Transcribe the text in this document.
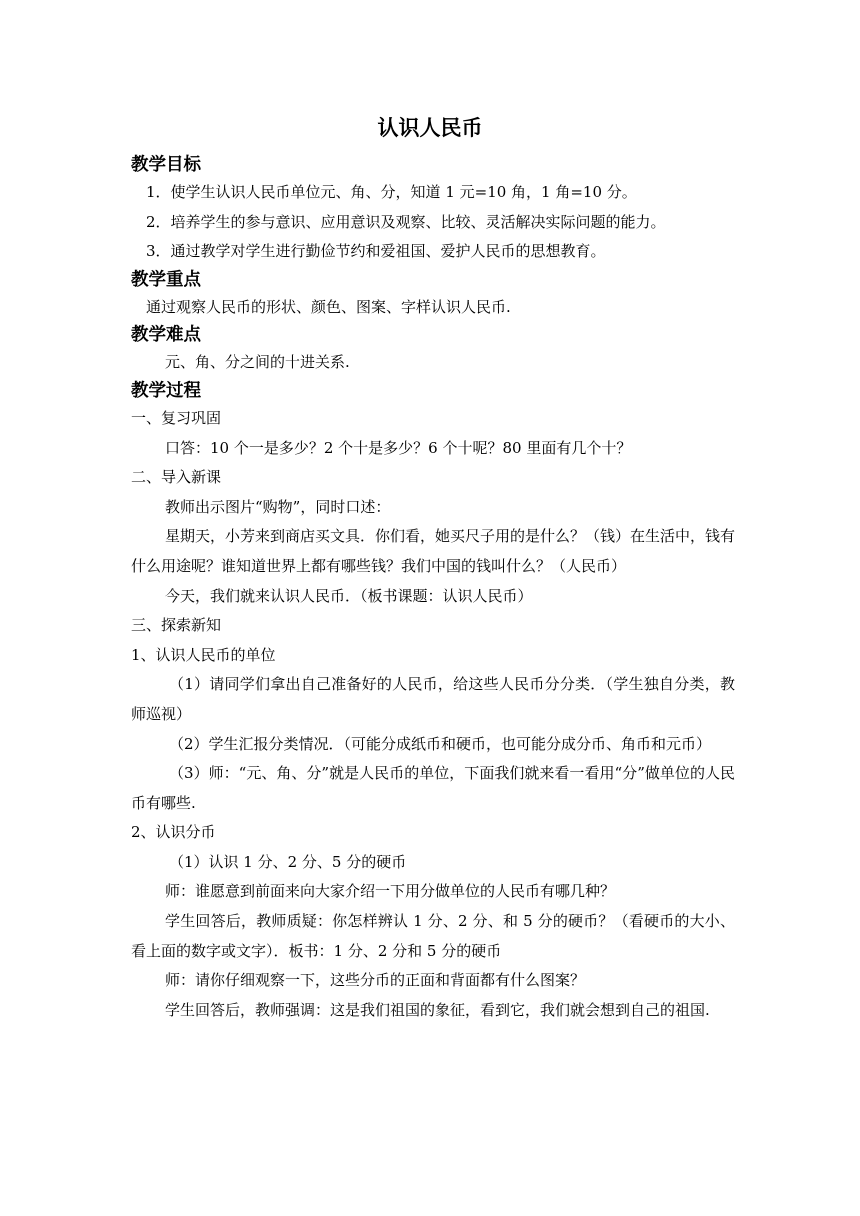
认识人民币
教学目标
1．使学生认识人民币单位元、角、分，知道 1 元=10 角，1 角=10 分。
2．培养学生的参与意识、应用意识及观察、比较、灵活解决实际问题的能力。
3．通过教学对学生进行勤俭节约和爱祖国、爱护人民币的思想教育。
教学重点
通过观察人民币的形状、颜色、图案、字样认识人民币.
教学难点
元、角、分之间的十进关系.
教学过程
一、复习巩固
口答：10 个一是多少？2 个十是多少？6 个十呢？80 里面有几个十？
二、导入新课
教师出示图片“购物”，同时口述：
星期天，小芳来到商店买文具．你们看，她买尺子用的是什么？（钱）在生活中，钱有什么用途呢？谁知道世界上都有哪些钱？我们中国的钱叫什么？（人民币）
今天，我们就来认识人民币．（板书课题：认识人民币）
三、探索新知
1、认识人民币的单位
（1）请同学们拿出自己准备好的人民币，给这些人民币分分类．（学生独自分类，教师巡视）
（2）学生汇报分类情况．（可能分成纸币和硬币，也可能分成分币、角币和元币）
（3）师：“元、角、分”就是人民币的单位，下面我们就来看一看用“分”做单位的人民币有哪些.
2、认识分币
（1）认识 1 分、2 分、5 分的硬币
师：谁愿意到前面来向大家介绍一下用分做单位的人民币有哪几种？
学生回答后，教师质疑：你怎样辨认 1 分、2 分、和 5 分的硬币？（看硬币的大小、看上面的数字或文字）．板书：1 分、2 分和 5 分的硬币
师：请你仔细观察一下，这些分币的正面和背面都有什么图案？
学生回答后，教师强调：这是我们祖国的象征，看到它，我们就会想到自己的祖国.
